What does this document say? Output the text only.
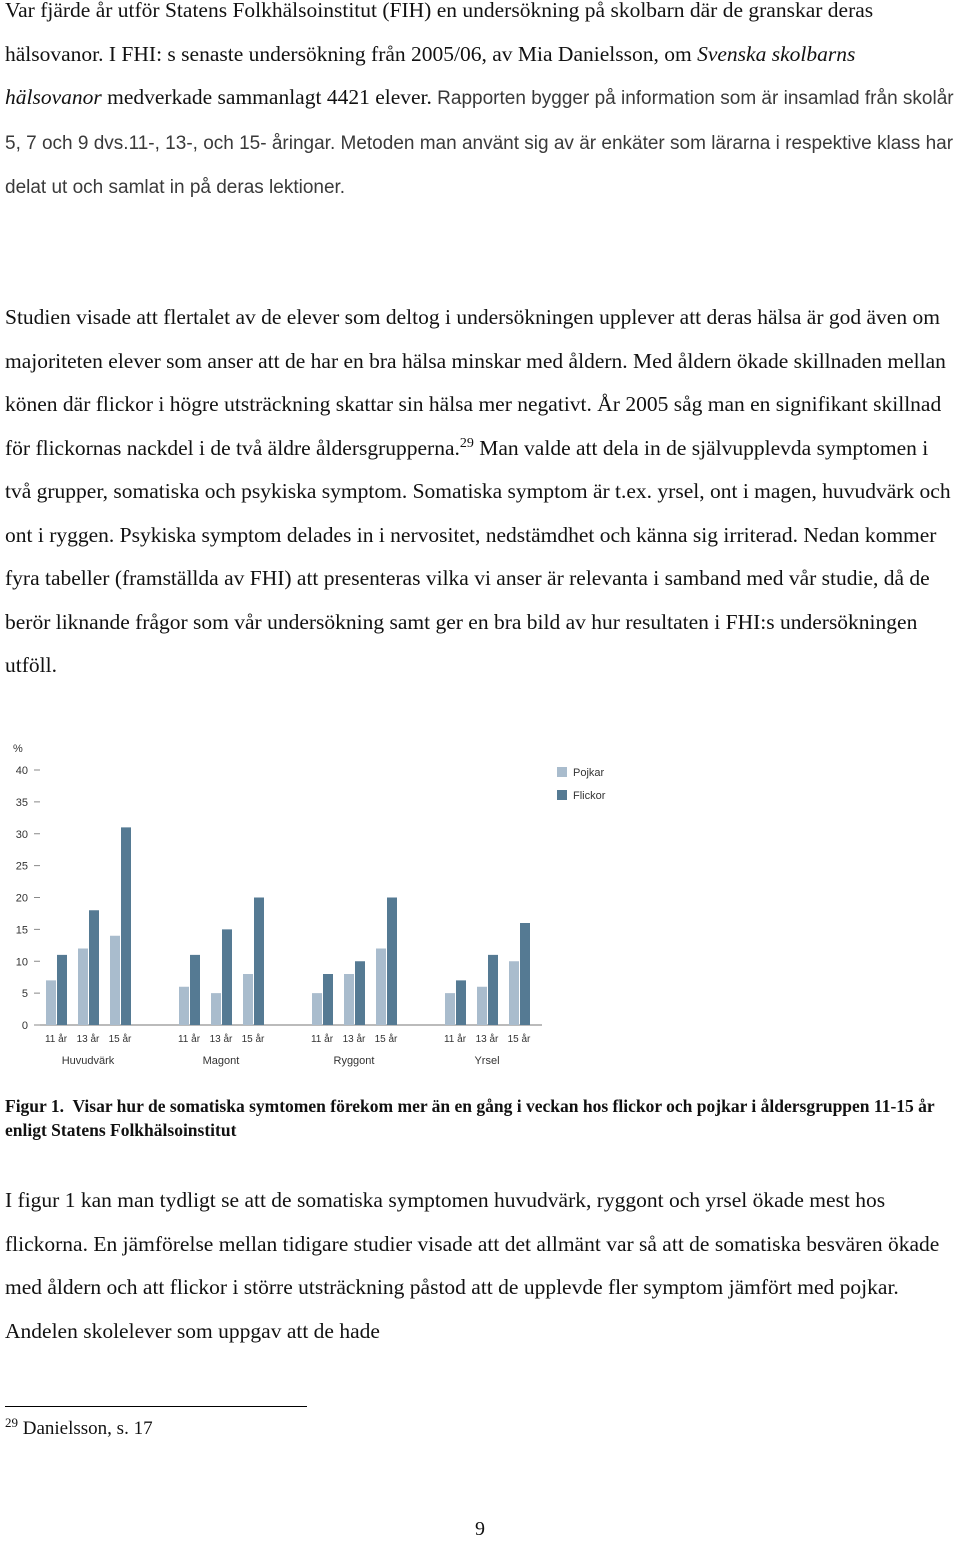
Var fjärde år utför Statens Folkhälsoinstitut (FIH) en undersökning på skolbarn där de granskar deras hälsovanor. I FHI: s senaste undersökning från 2005/06, av Mia Danielsson, om Svenska skolbarns hälsovanor medverkade sammanlagt 4421 elever. Rapporten bygger på information som är insamlad från skolår 5, 7 och 9 dvs.11-, 13-, och 15- åringar. Metoden man använt sig av är enkäter som lärarna i respektive klass har delat ut och samlat in på deras lektioner.

Studien visade att flertalet av de elever som deltog i undersökningen upplever att deras hälsa är god även om majoriteten elever som anser att de har en bra hälsa minskar med åldern. Med åldern ökade skillnaden mellan könen där flickor i högre utsträckning skattar sin hälsa mer negativt. År 2005 såg man en signifikant skillnad för flickornas nackdel i de två äldre åldersgrupperna.$^{29}$ Man valde att dela in de självupplevda symptomen i två grupper, somatiska och psykiska symptom. Somatiska symptom är t.ex. yrsel, ont i magen, huvudvärk och ont i ryggen. Psykiska symptom delades in i nervositet, nedstämdhet och känna sig irriterad. Nedan kommer fyra tabeller (framställda av FHI) att presenteras vilka vi anser är relevanta i samband med vår studie, då de berör liknande frågor som vår undersökning samt ger en bra bild av hur resultaten i FHI:s undersökningen utföll.

%
0
5
10
15
20
25
30
35
40
11 år 13 år 15 år
Huvudvärk
11 år 13 år 15 år
Magont
11 år 13 år 15 år
Ryggont
11 år 13 år 15 år
Yrsel
Pojkar
Flickor

Figur 1. Visar hur de somatiska symtomen förekom mer än en gång i veckan hos flickor och pojkar i åldersgruppen 11-15 år enligt Statens Folkhälsoinstitut

I figur 1 kan man tydligt se att de somatiska symptomen huvudvärk, ryggont och yrsel ökade mest hos flickorna. En jämförelse mellan tidigare studier visade att det allmänt var så att de somatiska besvären ökade med åldern och att flickor i större utsträckning påstod att de upplevde fler symptom jämfört med pojkar. Andelen skolelever som uppgav att de hade

$^{29}$ Danielsson, s. 17

9
